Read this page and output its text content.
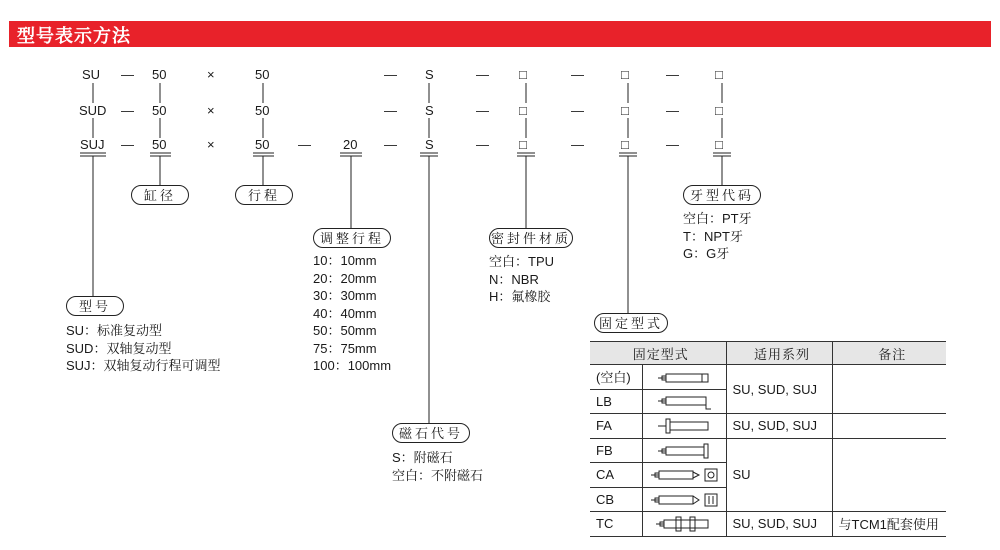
型号表示方法
SU — 50	×	50	— S	— □	—	□	—	□
SUD — 50	×	50	— S	— □	—	□	—	□
SUJ — 50	×	50 — 20 — S	— □	—	□	—	□
缸径	行程
调整行程	密封件材质
牙型代码
型号
磁石代号
固定型式
10：10mm
20：20mm
30：30mm
40：40mm
50：50mm
75：75mm
100：100mm
空白：TPU
N：NBR
H：氟橡胶
空白：PT牙
T：NPT牙
G：G牙
SU：标准复动型
SUD：双轴复动型
SUJ：双轴复动行程可调型
S：附磁石
空白：不附磁石
固定型式		适用系列	备注
(空白)		SU, SUD, SUJ	
LB	
FA		SU, SUD, SUJ	
FB		SU	
CA	
CB	
TC		SU, SUD, SUJ	与TCM1配套使用
